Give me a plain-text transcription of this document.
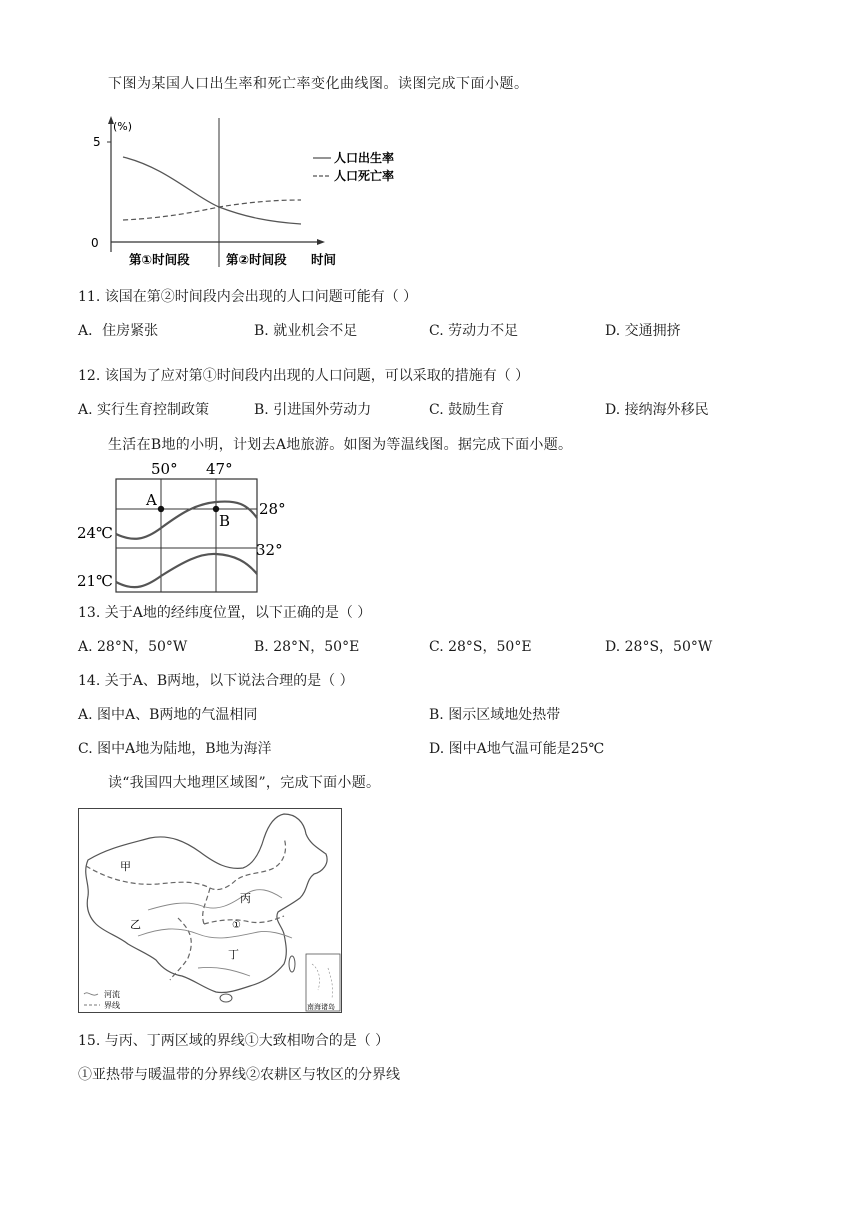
下图为某国人口出生率和死亡率变化曲线图。读图完成下面小题。
(%)
5
0
人口出生率
人口死亡率
第①时间段	第②时间段 时间
11. 该国在第②时间段内会出现的人口问题可能有（ ）
A．住房紧张	B. 就业机会不足	C. 劳动力不足	D. 交通拥挤
12. 该国为了应对第①时间段内出现的人口问题，可以采取的措施有（ ）
A. 实行生育控制政策	B. 引进国外劳动力	C. 鼓励生育	D. 接纳海外移民
生活在B地的小明，计划去A地旅游。如图为等温线图。据完成下面小题。
50° 47°
28°
32°
24℃
21℃
A
B
13. 关于A地的经纬度位置，以下正确的是（ ）
A. 28°N，50°W	B. 28°N，50°E	C. 28°S，50°E	D. 28°S，50°W
14. 关于A、B两地，以下说法合理的是（ ）
A. 图中A、B两地的气温相同	B. 图示区域地处热带
C. 图中A地为陆地，B地为海洋	D. 图中A地气温可能是25℃
读“我国四大地理区域图”，完成下面小题。
河流
界线	南海诸岛
甲
乙
丙
丁
①
15. 与丙、丁两区域的界线①大致相吻合的是（ ）
①亚热带与暖温带的分界线②农耕区与牧区的分界线
